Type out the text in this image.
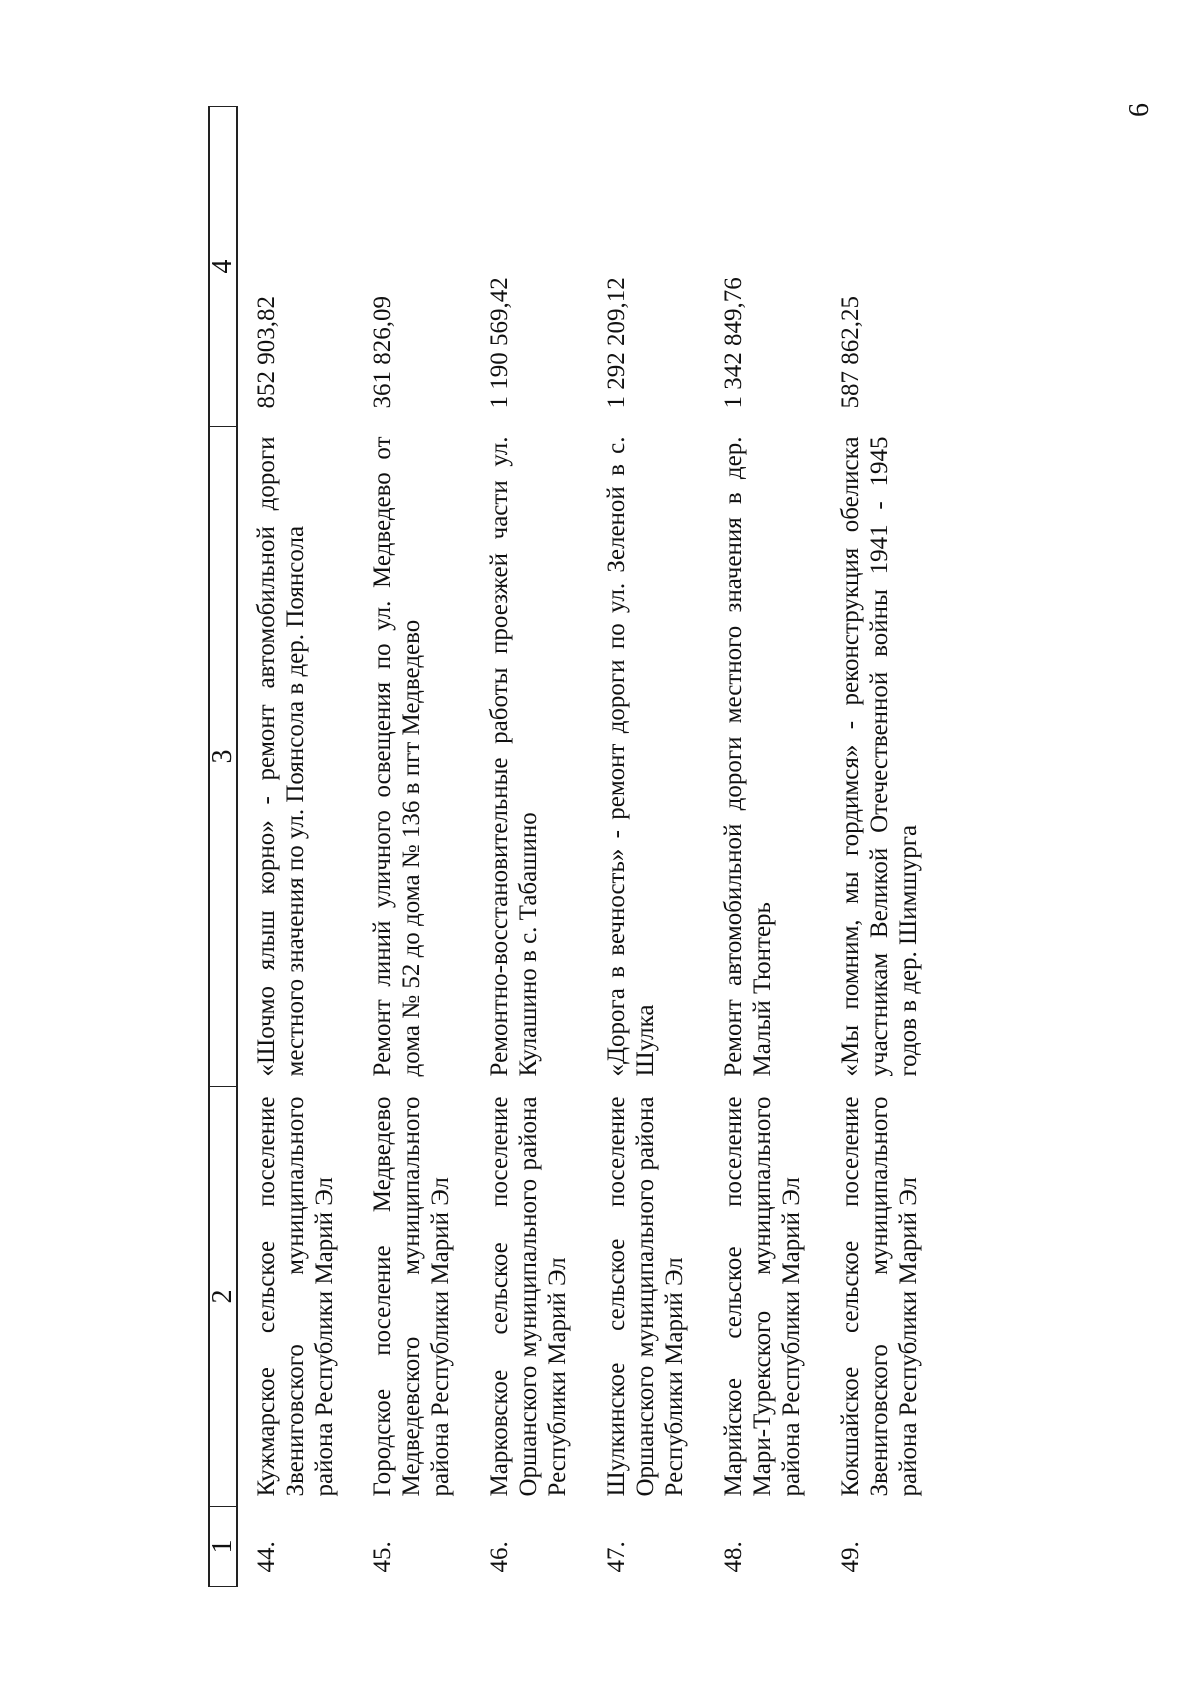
6
1	2	3	4
44.	Кужмарское сельское поселение Звениговского муниципального района Республики Марий Эл	«Шочмо ялыш корно» - ремонт автомобильной дороги местного значения по ул. Поянсола в дер. Поянсола	852 903,82
45.	Городское поселение Медведево Медведевского муниципального района Республики Марий Эл	Ремонт линий уличного освещения по ул. Медведево от дома № 52 до дома № 136 в пгт Медведево	361 826,09
46.	Марковское сельское поселение Оршанского муниципального района Республики Марий Эл	Ремонтно-восстановительные работы проезжей части ул. Кулашино в с. Табашино	1 190 569,42
47.	Шулкинское сельское поселение Оршанского муниципального района Республики Марий Эл	«Дорога в вечность» - ремонт дороги по ул. Зеленой в с. Шулка	1 292 209,12
48.	Марийское сельское поселение Мари-Турекского муниципального района Республики Марий Эл	Ремонт автомобильной дороги местного значения в дер. Малый Тюнтерь	1 342 849,76
49.	Кокшайское сельское поселение Звениговского муниципального района Республики Марий Эл	«Мы помним, мы гордимся» - реконструкция обелиска участникам Великой Отечественной войны 1941 - 1945 годов в дер. Шимшурга	587 862,25
